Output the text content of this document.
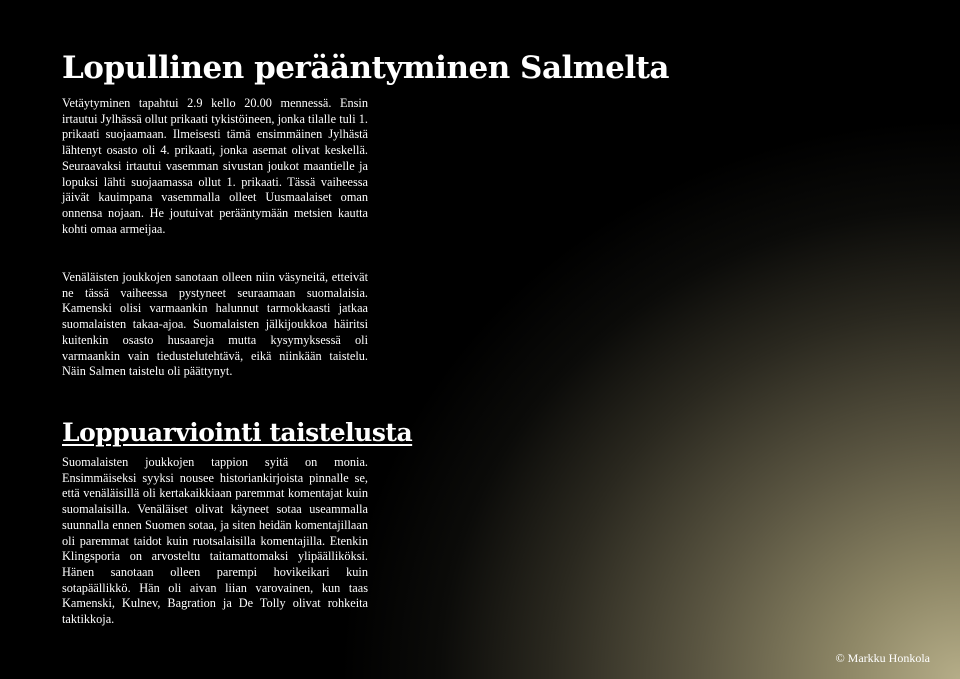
Lopullinen perääntyminen Salmelta

Vetäytyminen tapahtui 2.9 kello 20.00 mennessä. Ensin irtautui Jylhässä ollut prikaati tykistöineen, jonka tilalle tuli 1. prikaati suojaamaan. Ilmeisesti tämä ensimmäinen Jylhästä lähtenyt osasto oli 4. prikaati, jonka asemat olivat keskellä. Seuraavaksi irtautui vasemman sivustan joukot maantielle ja lopuksi lähti suojaamassa ollut 1. prikaati. Tässä vaiheessa jäivät kauimpana vasemmalla olleet Uusmaalaiset oman onnensa nojaan. He joutuivat perääntymään metsien kautta kohti omaa armeijaa.

Venäläisten joukkojen sanotaan olleen niin väsyneitä, etteivät ne tässä vaiheessa pystyneet seuraamaan suomalaisia. Kamenski olisi varmaankin halunnut tarmokkaasti jatkaa suomalaisten takaa-ajoa. Suomalaisten jälkijoukkoa häiritsi kuitenkin osasto husaareja mutta kysymyksessä oli varmaankin vain tiedustelutehtävä, eikä niinkään taistelu. Näin Salmen taistelu oli päättynyt.

Loppuarviointi taistelusta

Suomalaisten joukkojen tappion syitä on monia. Ensimmäiseksi syyksi nousee historiankirjoista pinnalle se, että venäläisillä oli kertakaikkiaan paremmat komentajat kuin suomalaisilla. Venäläiset olivat käyneet sotaa useammalla suunnalla ennen Suomen sotaa, ja siten heidän komentajillaan oli paremmat taidot kuin ruotsalaisilla komentajilla. Etenkin Klingsporia on arvosteltu taitamattomaksi ylipäälliköksi. Hänen sanotaan olleen parempi hovikeikari kuin sotapäällikkö. Hän oli aivan liian varovainen, kun taas Kamenski, Kulnev, Bagration ja De Tolly olivat rohkeita taktikkoja.

© Markku Honkola
